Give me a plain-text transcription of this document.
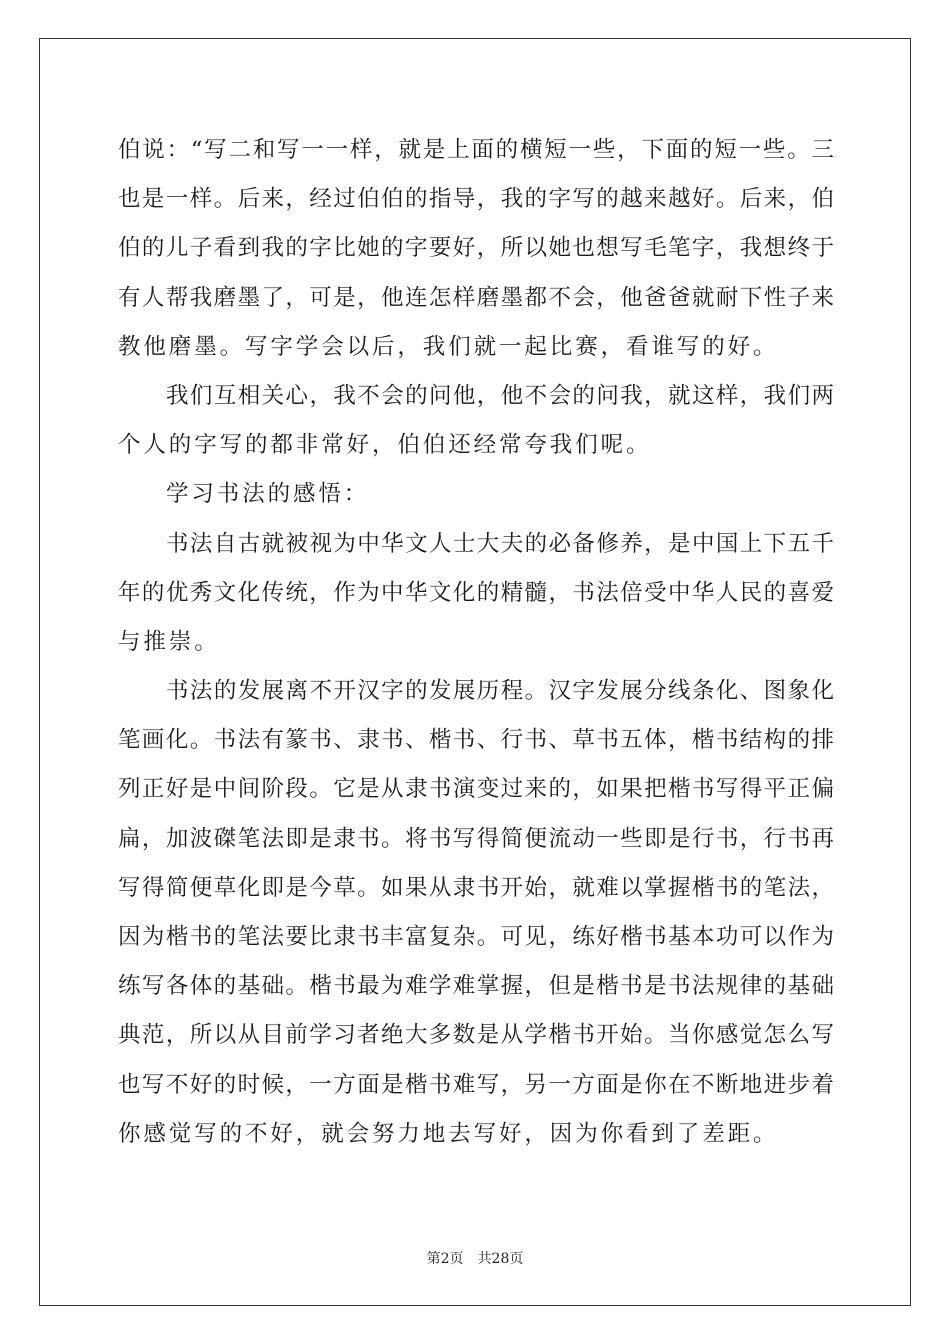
伯说：“写二和写一一样，就是上面的横短一些，下面的短一些。三
也是一样。后来，经过伯伯的指导，我的字写的越来越好。后来，伯
伯的儿子看到我的字比她的字要好，所以她也想写毛笔字，我想终于
有人帮我磨墨了，可是，他连怎样磨墨都不会，他爸爸就耐下性子来
教他磨墨。写字学会以后，我们就一起比赛，看谁写的好。
我们互相关心，我不会的问他，他不会的问我，就这样，我们两
个人的字写的都非常好，伯伯还经常夸我们呢。
学习书法的感悟：
书法自古就被视为中华文人士大夫的必备修养，是中国上下五千
年的优秀文化传统，作为中华文化的精髓，书法倍受中华人民的喜爱
与推崇。
书法的发展离不开汉字的发展历程。汉字发展分线条化、图象化
笔画化。书法有篆书、隶书、楷书、行书、草书五体，楷书结构的排
列正好是中间阶段。它是从隶书演变过来的，如果把楷书写得平正偏
扁，加波磔笔法即是隶书。将书写得简便流动一些即是行书，行书再
写得简便草化即是今草。如果从隶书开始，就难以掌握楷书的笔法，
因为楷书的笔法要比隶书丰富复杂。可见，练好楷书基本功可以作为
练写各体的基础。楷书最为难学难掌握，但是楷书是书法规律的基础
典范，所以从目前学习者绝大多数是从学楷书开始。当你感觉怎么写
也写不好的时候，一方面是楷书难写，另一方面是你在不断地进步着
你感觉写的不好，就会努力地去写好，因为你看到了差距。
第2页 共28页
